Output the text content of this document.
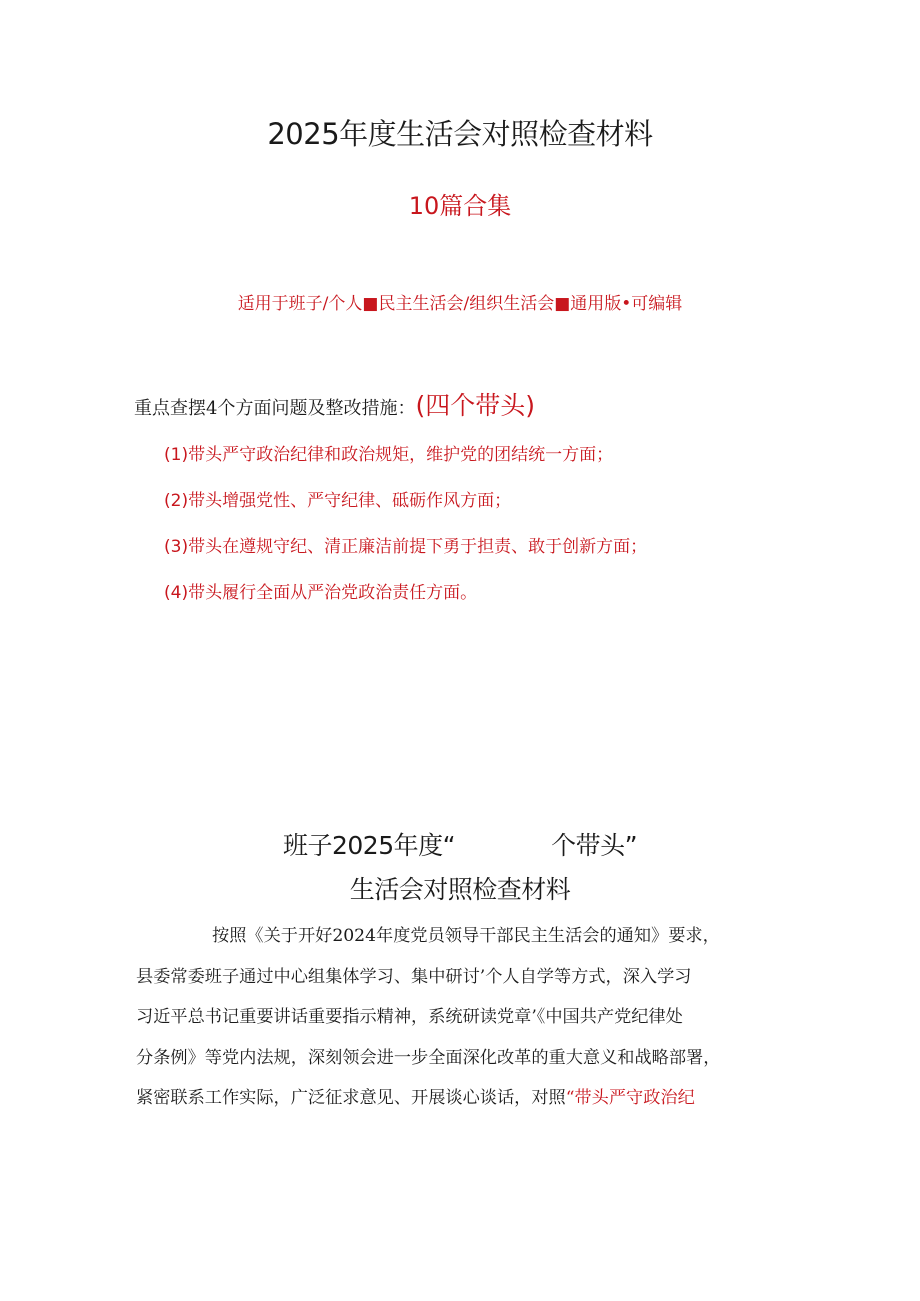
2025年度生活会对照检查材料
10篇合集
适用于班子/个人■民主生活会/组织生活会■通用版•可编辑
重点查摆4个方面问题及整改措施：(四个带头)
(1)带头严守政治纪律和政治规矩，维护党的团结统一方面；
(2)带头增强党性、严守纪律、砥砺作风方面；
(3)带头在遵规守纪、清正廉洁前提下勇于担责、敢于创新方面；
(4)带头履行全面从严治党政治责任方面。
班子2025年度“	个带头”
生活会对照检查材料
按照《关于开好2024年度党员领导干部民主生活会的通知》要求，
县委常委班子通过中心组集体学习、集中研讨’个人自学等方式，深入学习
习近平总书记重要讲话重要指示精神，系统研读党章’《中国共产党纪律处
分条例》等党内法规，深刻领会进一步全面深化改革的重大意义和战略部署，
紧密联系工作实际，广泛征求意见、开展谈心谈话，对照“带头严守政治纪
